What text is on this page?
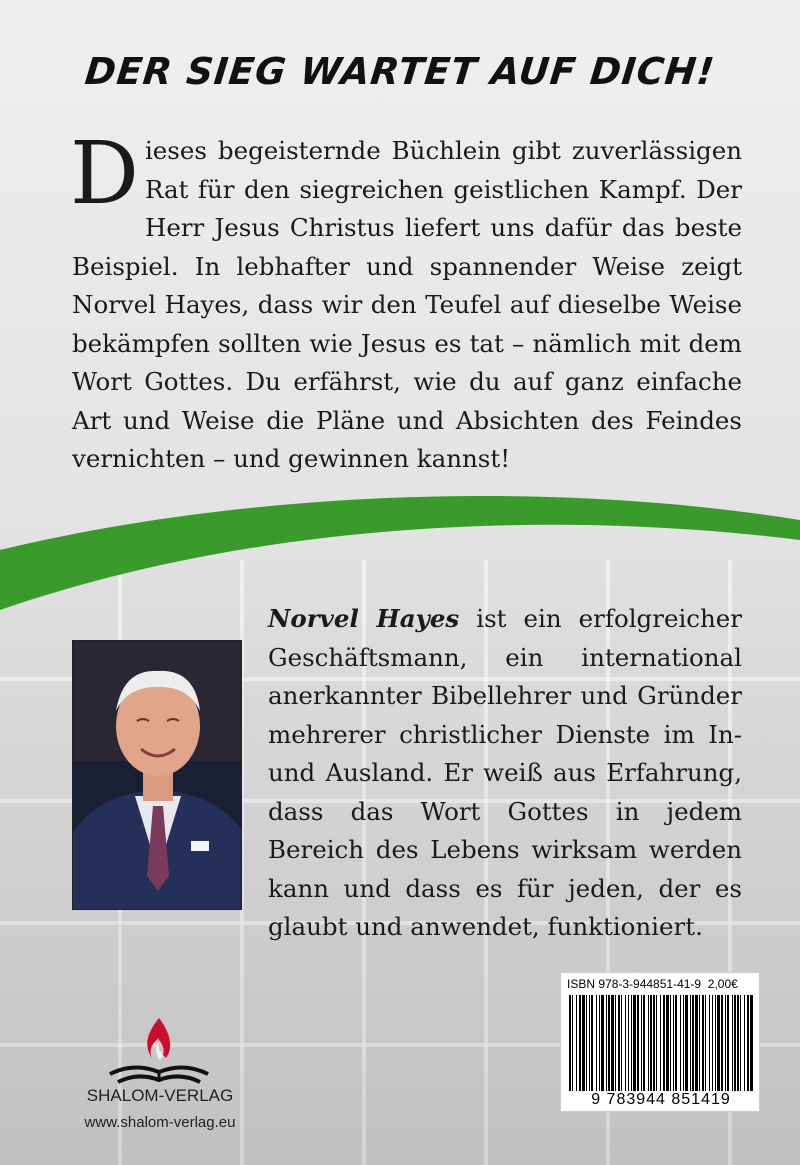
DER SIEG WARTET AUF DICH!

Dieses begeisternde Büchlein gibt zuverlässigen Rat für den siegreichen geistlichen Kampf. Der Herr Jesus Christus liefert uns dafür das beste Beispiel. In lebhafter und spannender Weise zeigt Norvel Hayes, dass wir den Teufel auf dieselbe Weise bekämpfen sollten wie Jesus es tat – nämlich mit dem Wort Gottes. Du erfährst, wie du auf ganz einfache Art und Weise die Pläne und Absichten des Feindes vernichten – und gewinnen kannst!

Norvel Hayes ist ein erfolgreicher Geschäftsmann, ein international anerkannter Bibellehrer und Gründer mehrerer christlicher Dienste im In- und Ausland. Er weiß aus Erfahrung, dass das Wort Gottes in jedem Bereich des Lebens wirksam werden kann und dass es für jeden, der es glaubt und anwendet, funktioniert.

ISBN 978-3-944851-41-9 2,00€
9 783944 851419
SHALOM-VERLAG
www.shalom-verlag.eu
